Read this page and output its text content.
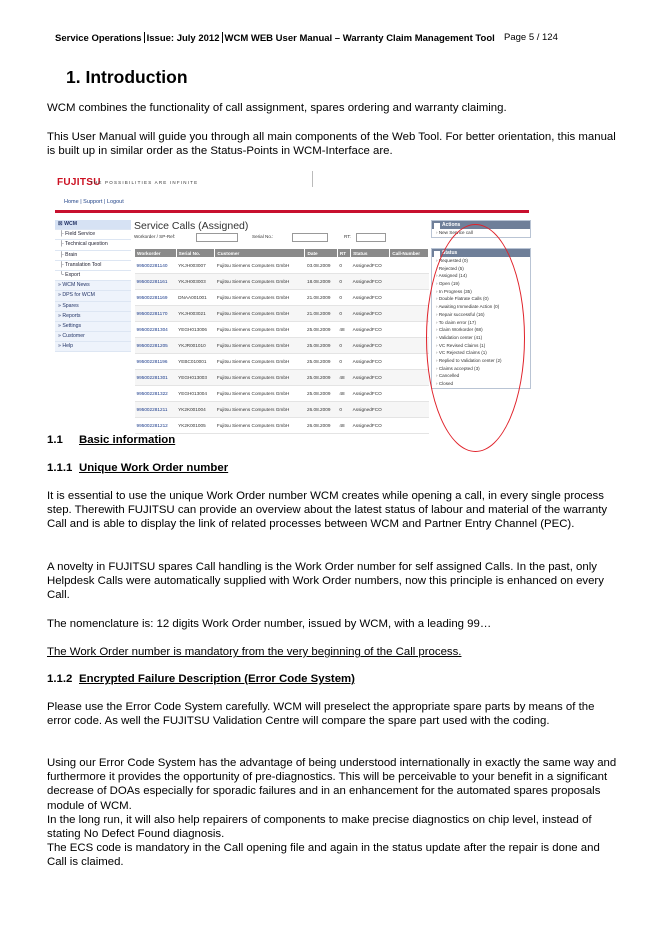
Service Operations Issue: July 2012 WCM WEB User Manual – Warranty Claim Management Tool Page 5 / 124
1. Introduction
WCM combines the functionality of call assignment, spares ordering and warranty claiming.
This User Manual will guide you through all main components of the Web Tool. For better orientation, this manual is built up in similar order as the Status-Points in WCM-Interface are.
FUJITSU
THE POSSIBILITIES ARE INFINITE
Home | Support | Logout
☒ WCM
├ Field Service
├ Technical question
├ Brain
├ Translation Tool
└ Export
» WCM News
» DPS for WCM
» Spares
» Reports
» Settings
» Customer
» Help
Service Calls (Assigned)
Workorder / SP-Ref:	Serial No.:	RT:
Workorder	Serial No.	Customer	Date	RT	Status	Call-Number
995002281140	YKJH003007	Fujitsu Siemens Computers GmbH	03.08.2009	0	AssignedFCO	
995002281161	YKJH003003	Fujitsu Siemens Computers GmbH	18.08.2009	0	AssignedFCO	
995002281169	DNAA001001	Fujitsu Siemens Computers GmbH	21.08.2009	0	AssignedFCO	
995002281170	YKJH003021	Fujitsu Siemens Computers GmbH	21.08.2009	0	AssignedFCO	
995002281304	YEGH013006	Fujitsu Siemens Computers GmbH	25.08.2009	48	AssignedFCO	
995002281205	YKJR001010	Fujitsu Siemens Computers GmbH	25.08.2009	0	AssignedFCO	
995002281196	YEBC010001	Fujitsu Siemens Computers GmbH	25.08.2009	0	AssignedFCO	
995002281301	YEGH013003	Fujitsu Siemens Computers GmbH	25.08.2009	48	AssignedFCO	
995002281322	YEGH013004	Fujitsu Siemens Computers GmbH	25.08.2009	48	AssignedFCO	
995002281211	YK2K001004	Fujitsu Siemens Computers GmbH	26.08.2009	0	AssignedFCO	
995002281212	YK2K001005	Fujitsu Siemens Computers GmbH	26.08.2009	48	AssignedFCO	
Actions
› New Service call
Status
› Requested (0)
› Rejected (5)
› Assigned (14)
› Open (19)
› In Progress (35)
› Double Flatrate Calls (0)
› Awaiting Immediate Action (0)
› Repair successful (16)
› To claim error (17)
› Claim Workorder (68)
› Validation center (41)
› VC Revised Claims (1)
› VC Rejected Claims (1)
› Replied to Validation center (2)
› Claims accepted (3)
› Cancelled
› Closed
1.1 Basic information
1.1.1 Unique Work Order number
It is essential to use the unique Work Order number WCM creates while opening a call, in every single process step. Therewith FUJITSU can provide an overview about the latest status of labour and material of the warranty Call and is able to display the link of related processes between WCM and Partner Entry Channel (PEC).
A novelty in FUJITSU spares Call handling is the Work Order number for self assigned Calls. In the past, only Helpdesk Calls were automatically supplied with Work Order numbers, now this principle is enhanced on every Call.
The nomenclature is: 12 digits Work Order number, issued by WCM, with a leading 99…
The Work Order number is mandatory from the very beginning of the Call process.
1.1.2 Encrypted Failure Description (Error Code System)
Please use the Error Code System carefully. WCM will preselect the appropriate spare parts by means of the error code. As well the FUJITSU Validation Centre will compare the spare part used with the coding.
Using our Error Code System has the advantage of being understood internationally in exactly the same way and furthermore it provides the opportunity of pre-diagnostics. This will be perceivable to your benefit in a significant decrease of DOAs especially for sporadic failures and in an enhancement for the automated spares proposals module of WCM.
In the long run, it will also help repairers of components to make precise diagnostics on chip level, instead of stating No Defect Found diagnosis.
The ECS code is mandatory in the Call opening file and again in the status update after the repair is done and Call is claimed.
